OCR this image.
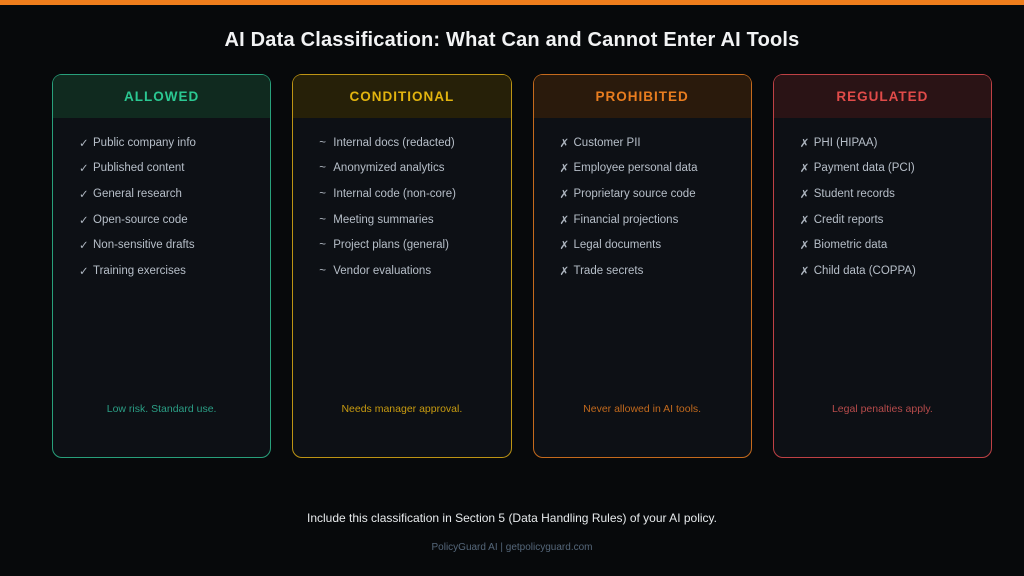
AI Data Classification: What Can and Cannot Enter AI Tools
ALLOWED
✓ Public company info
✓ Published content
✓ General research
✓ Open-source code
✓ Non-sensitive drafts
✓ Training exercises
Low risk. Standard use.
CONDITIONAL
~ Internal docs (redacted)
~ Anonymized analytics
~ Internal code (non-core)
~ Meeting summaries
~ Project plans (general)
~ Vendor evaluations
Needs manager approval.
PROHIBITED
✗ Customer PII
✗ Employee personal data
✗ Proprietary source code
✗ Financial projections
✗ Legal documents
✗ Trade secrets
Never allowed in AI tools.
REGULATED
✗ PHI (HIPAA)
✗ Payment data (PCI)
✗ Student records
✗ Credit reports
✗ Biometric data
✗ Child data (COPPA)
Legal penalties apply.
Include this classification in Section 5 (Data Handling Rules) of your AI policy.
PolicyGuard AI | getpolicyguard.com
